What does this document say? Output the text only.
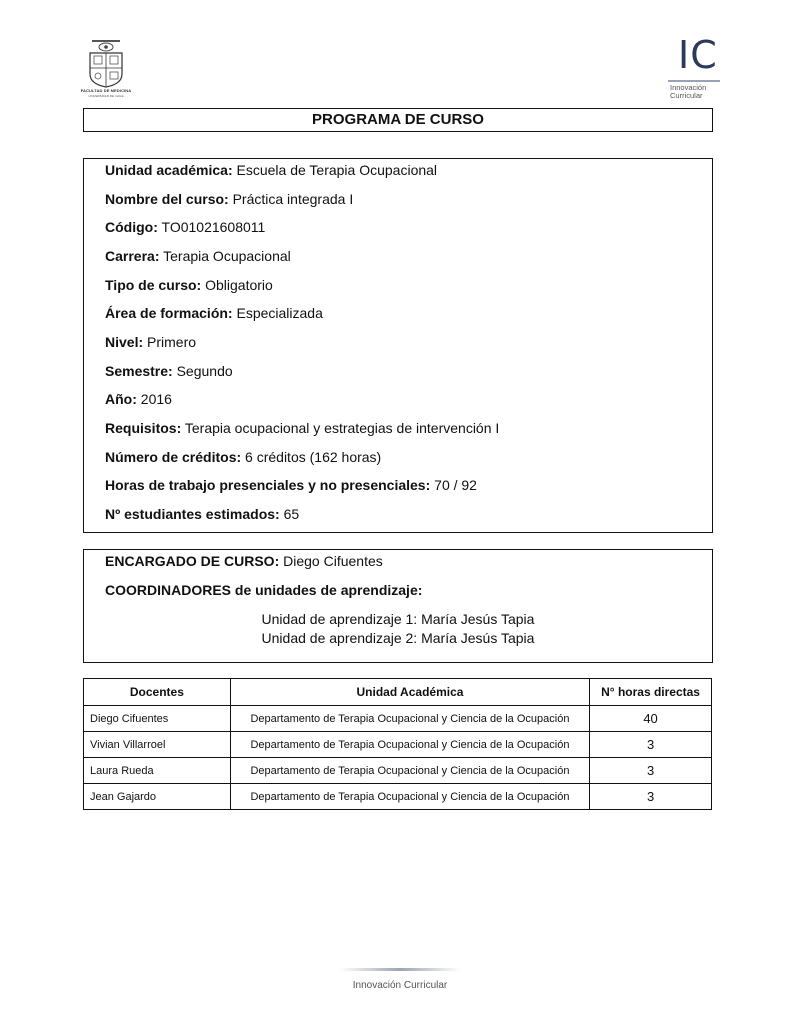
FACULTAD DE MEDICINA
UNIVERSIDAD DE CHILE
IC
Innovación
Curricular
PROGRAMA DE CURSO
Unidad académica: Escuela de Terapia Ocupacional
Nombre del curso: Práctica integrada I
Código: TO01021608011
Carrera: Terapia Ocupacional
Tipo de curso: Obligatorio
Área de formación: Especializada
Nivel: Primero
Semestre: Segundo
Año: 2016
Requisitos: Terapia ocupacional y estrategias de intervención I
Número de créditos: 6 créditos (162 horas)
Horas de trabajo presenciales y no presenciales: 70 / 92
Nº estudiantes estimados: 65
ENCARGADO DE CURSO: Diego Cifuentes
COORDINADORES de unidades de aprendizaje:
Unidad de aprendizaje 1: María Jesús Tapia
Unidad de aprendizaje 2: María Jesús Tapia
Docentes	Unidad Académica	N° horas directas
Diego Cifuentes	Departamento de Terapia Ocupacional y Ciencia de la Ocupación	40
Vivian Villarroel	Departamento de Terapia Ocupacional y Ciencia de la Ocupación	3
Laura Rueda	Departamento de Terapia Ocupacional y Ciencia de la Ocupación	3
Jean Gajardo	Departamento de Terapia Ocupacional y Ciencia de la Ocupación	3
Innovación Curricular
